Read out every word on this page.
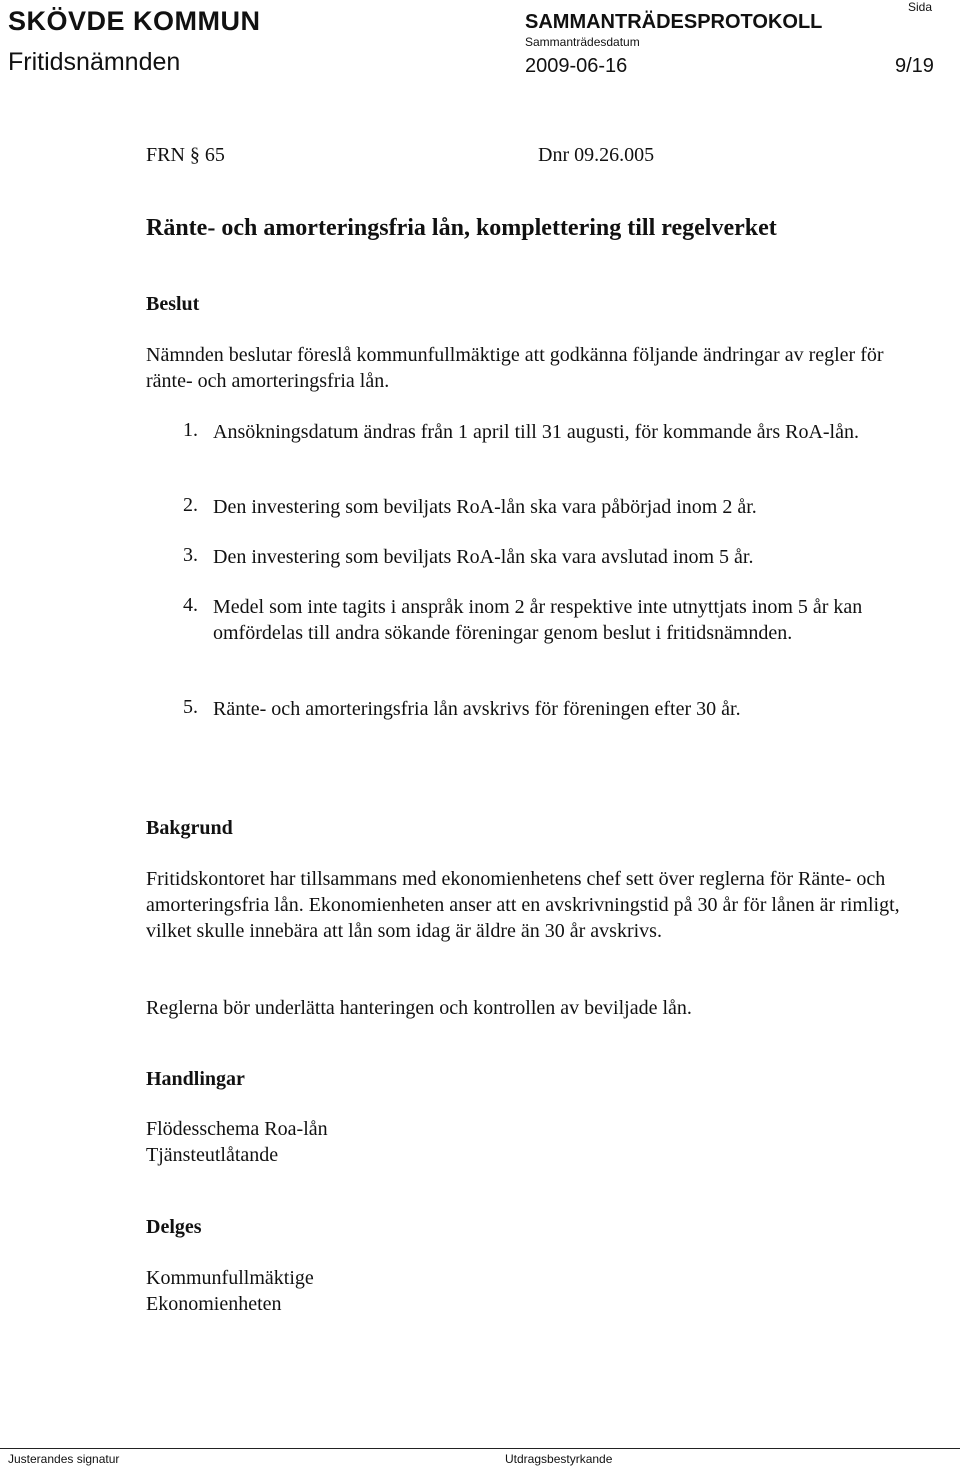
SKÖVDE KOMMUN
Fritidsnämnden
SAMMANTRÄDESPROTOKOLL
Sammanträdesdatum
Sida
2009-06-16	9/19
FRN § 65	Dnr 09.26.005
Ränte- och amorteringsfria lån, komplettering till regelverket
Beslut
Nämnden beslutar föreslå kommunfullmäktige att godkänna följande ändringar av regler för ränte- och amorteringsfria lån.
1. Ansökningsdatum ändras från 1 april till 31 augusti, för kommande års RoA-lån.
2. Den investering som beviljats RoA-lån ska vara påbörjad inom 2 år.
3. Den investering som beviljats RoA-lån ska vara avslutad inom 5 år.
4. Medel som inte tagits i anspråk inom 2 år respektive inte utnyttjats inom 5 år kan omfördelas till andra sökande föreningar genom beslut i fritidsnämnden.
5. Ränte- och amorteringsfria lån avskrivs för föreningen efter 30 år.
Bakgrund
Fritidskontoret har tillsammans med ekonomienhetens chef sett över reglerna för Ränte- och amorteringsfria lån. Ekonomienheten anser att en avskrivningstid på 30 år för lånen är rimligt, vilket skulle innebära att lån som idag är äldre än 30 år avskrivs.
Reglerna bör underlätta hanteringen och kontrollen av beviljade lån.
Handlingar
Flödesschema Roa-lån
Tjänsteutlåtande
Delges
Kommunfullmäktige
Ekonomienheten
Justerandes signatur	Utdragsbestyrkande
